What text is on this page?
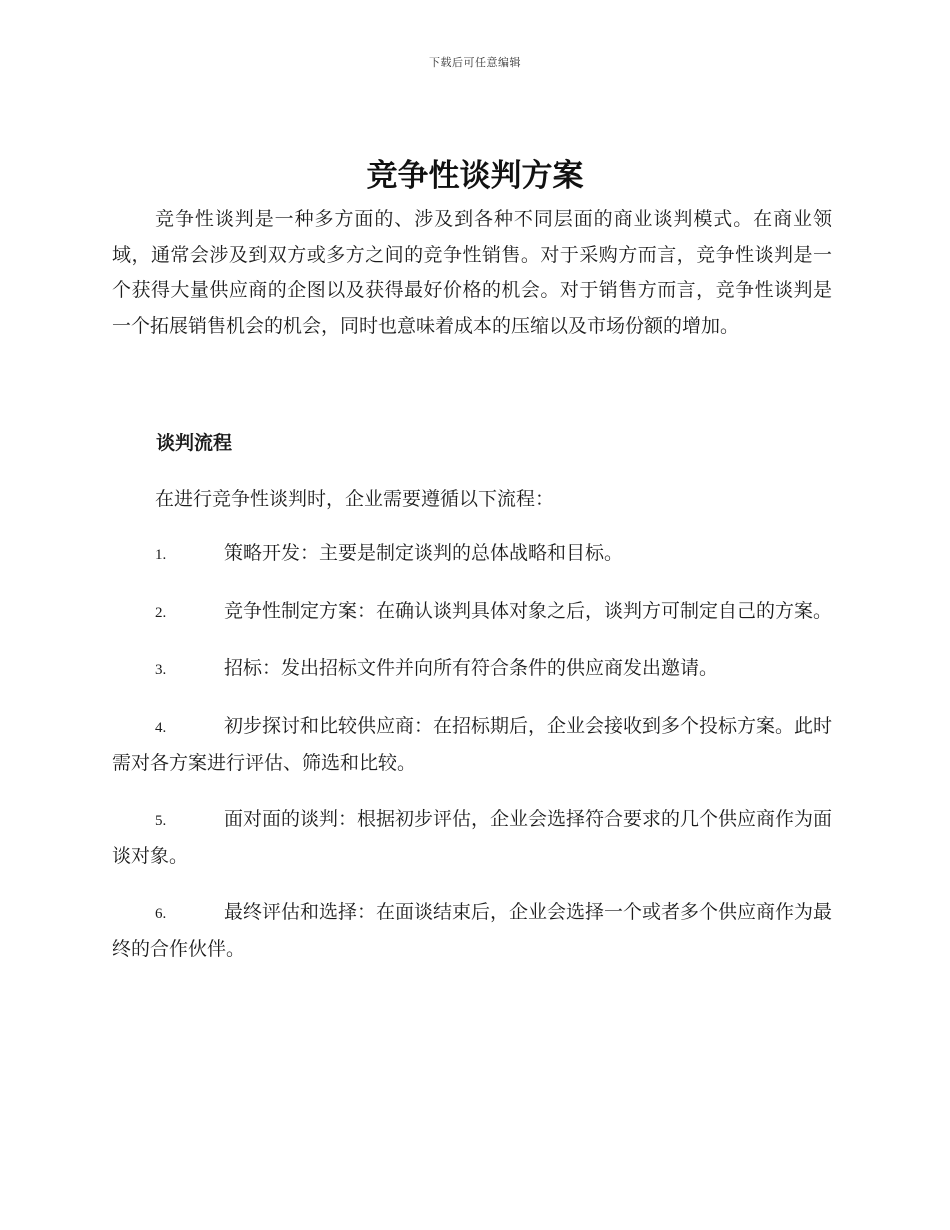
下载后可任意编辑
竞争性谈判方案

竞争性谈判是一种多方面的、涉及到各种不同层面的商业谈判模式。在商业领域，通常会涉及到双方或多方之间的竞争性销售。对于采购方而言，竞争性谈判是一个获得大量供应商的企图以及获得最好价格的机会。对于销售方而言，竞争性谈判是一个拓展销售机会的机会，同时也意味着成本的压缩以及市场份额的增加。

谈判流程

在进行竞争性谈判时，企业需要遵循以下流程：

1.	策略开发：主要是制定谈判的总体战略和目标。
2.	竞争性制定方案：在确认谈判具体对象之后，谈判方可制定自己的方案。
3.	招标：发出招标文件并向所有符合条件的供应商发出邀请。
4.	初步探讨和比较供应商：在招标期后，企业会接收到多个投标方案。此时需对各方案进行评估、筛选和比较。
5.	面对面的谈判：根据初步评估，企业会选择符合要求的几个供应商作为面谈对象。
6.	最终评估和选择：在面谈结束后，企业会选择一个或者多个供应商作为最终的合作伙伴。
